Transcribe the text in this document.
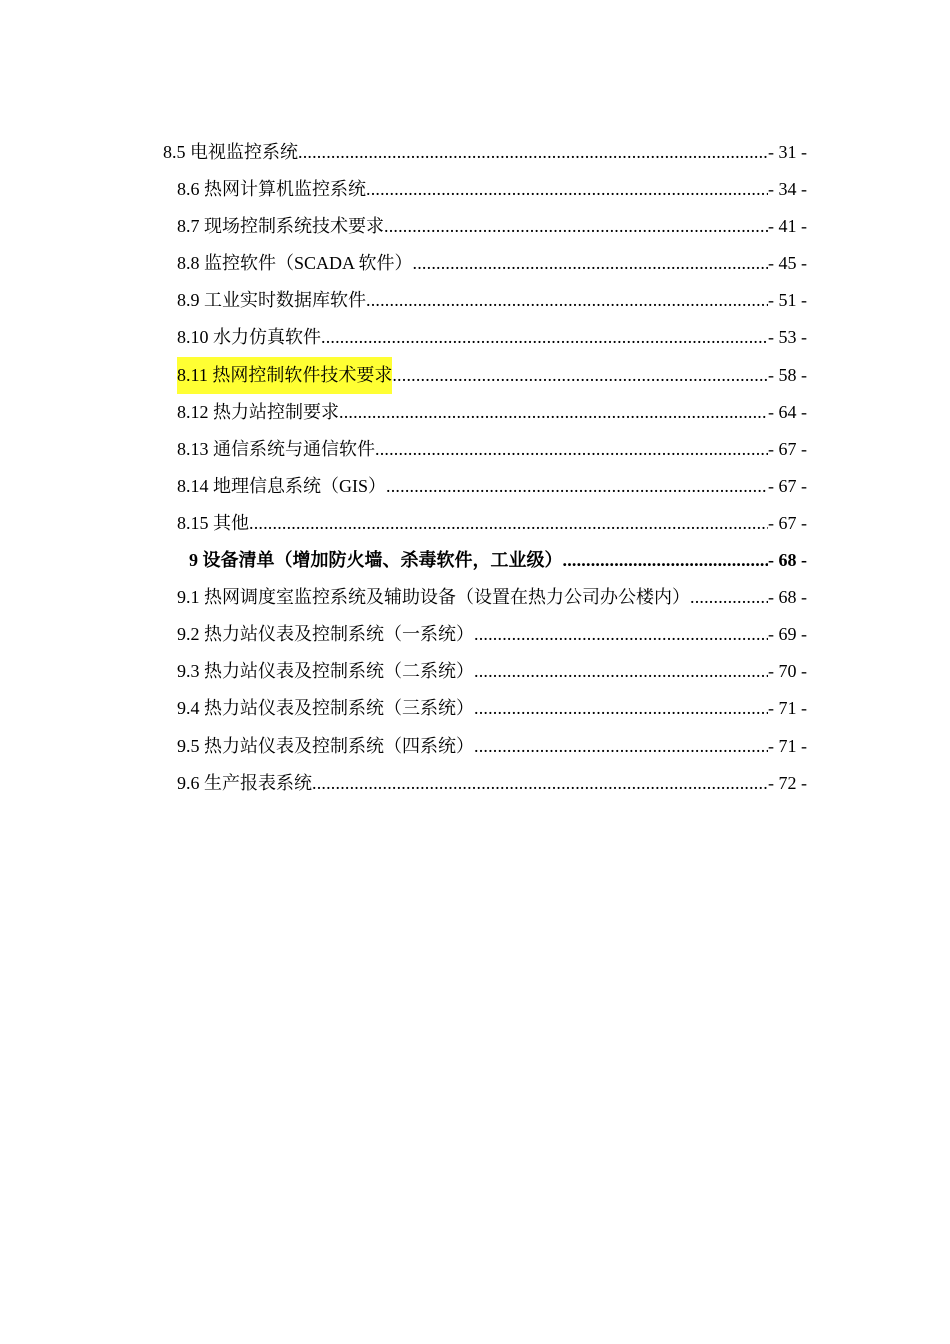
8.5 电视监控系统 .....	- 31 -
8.6 热网计算机监控系统 .....	- 34 -
8.7 现场控制系统技术要求 .....	- 41 -
8.8 监控软件（SCADA 软件） .....	- 45 -
8.9 工业实时数据库软件 .....	- 51 -
8.10 水力仿真软件 .....	- 53 -
8.11 热网控制软件技术要求 .....	- 58 -
8.12 热力站控制要求 .....	- 64 -
8.13 通信系统与通信软件 .....	- 67 -
8.14 地理信息系统（GIS） .....	- 67 -
8.15 其他 .....	- 67 -
9 设备清单（增加防火墙、杀毒软件，工业级） .....	- 68 -
9.1 热网调度室监控系统及辅助设备（设置在热力公司办公楼内） .....	- 68 -
9.2 热力站仪表及控制系统（一系统） .....	- 69 -
9.3 热力站仪表及控制系统（二系统） .....	- 70 -
9.4 热力站仪表及控制系统（三系统） .....	- 71 -
9.5 热力站仪表及控制系统（四系统） .....	- 71 -
9.6 生产报表系统 .....	- 72 -
